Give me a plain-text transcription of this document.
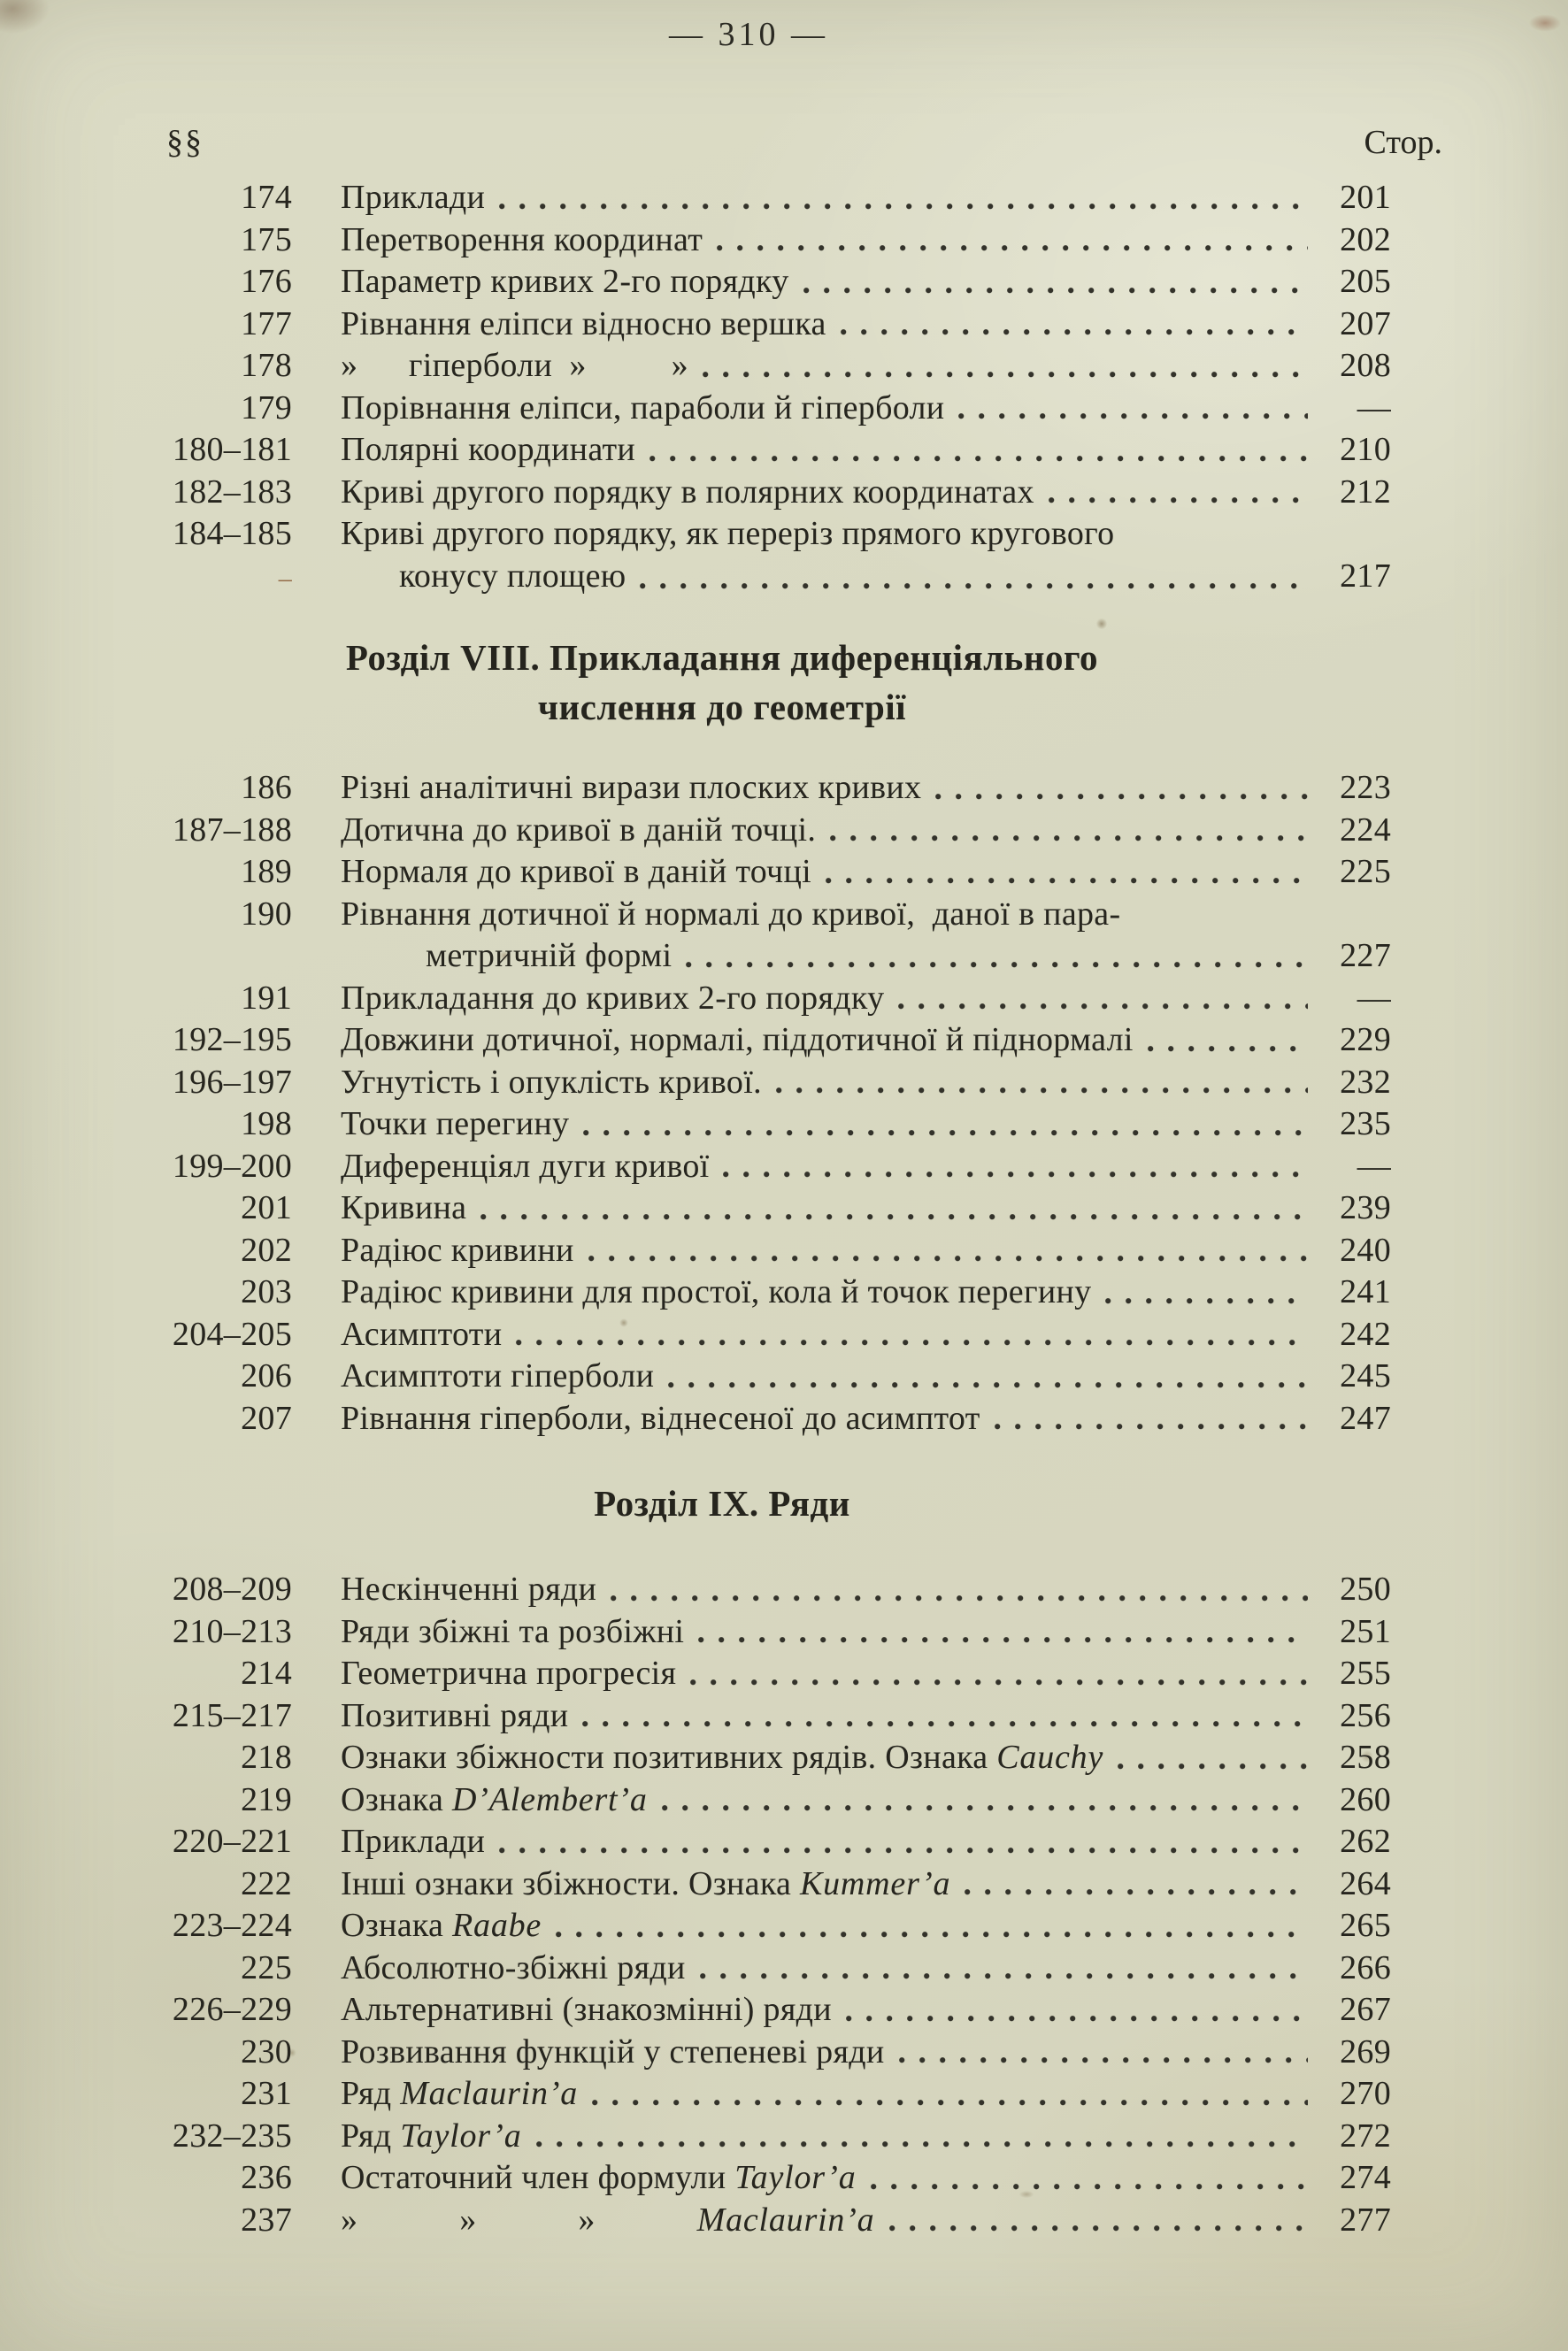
— 310 —
§§	Стор.
174	Приклади	201
175	Перетворення координат	202
176	Параметр кривих 2-го порядку	205
177	Рівнання еліпси відносно вершка	207
178	»  гіперболи »   »	208
179	Порівнання еліпси, параболи й гіперболи	—
180–181	Полярні координати	210
182–183	Криві другого порядку в полярних координатах	212
184–185	Криві другого порядку, як переріз прямого кругового
–	конусу площею	217
Розділ VIII. Прикладання диференціяльного
числення до геометрії
186	Різні аналітичні вирази плоских кривих	223
187–188	Дотична до кривої в даній точці.	224
189	Нормаля до кривої в даній точці	225
190	Рівнання дотичної й нормалі до кривої,  даної в пара-
метричній формі	227
191	Прикладання до кривих 2-го порядку	—
192–195	Довжини дотичної, нормалі, піддотичної й піднормалі	229
196–197	Угнутість і опуклість кривої.	232
198	Точки перегину	235
199–200	Диференціял дуги кривої	—
201	Кривина	239
202	Радіюс кривини	240
203	Радіюс кривини для простої, кола й точок перегину	241
204–205	Асимптоти	242
206	Асимптоти гіперболи	245
207	Рівнання гіперболи, віднесеної до асимптот	247
Розділ IX. Ряди
208–209	Нескінченні ряди	250
210–213	Ряди збіжні та розбіжні	251
214	Геометрична прогресія	255
215–217	Позитивні ряди	256
218	Ознаки збіжности позитивних рядів. Ознака Cauchy	258
219	Ознака D’Alembert’a	260
220–221	Приклади	262
222	Інші ознаки збіжности. Ознака Kummer’a	264
223–224	Ознака Raabe	265
225	Абсолютно-збіжні ряди	266
226–229	Альтернативні (знакозмінні) ряди	267
230	Розвивання функцій у степеневі ряди	269
231	Ряд Maclaurin’a	270
232–235	Ряд Taylor’a	272
236	Остаточний член формули Taylor’a	274
237	»   »   »   Maclaurin’a	277
